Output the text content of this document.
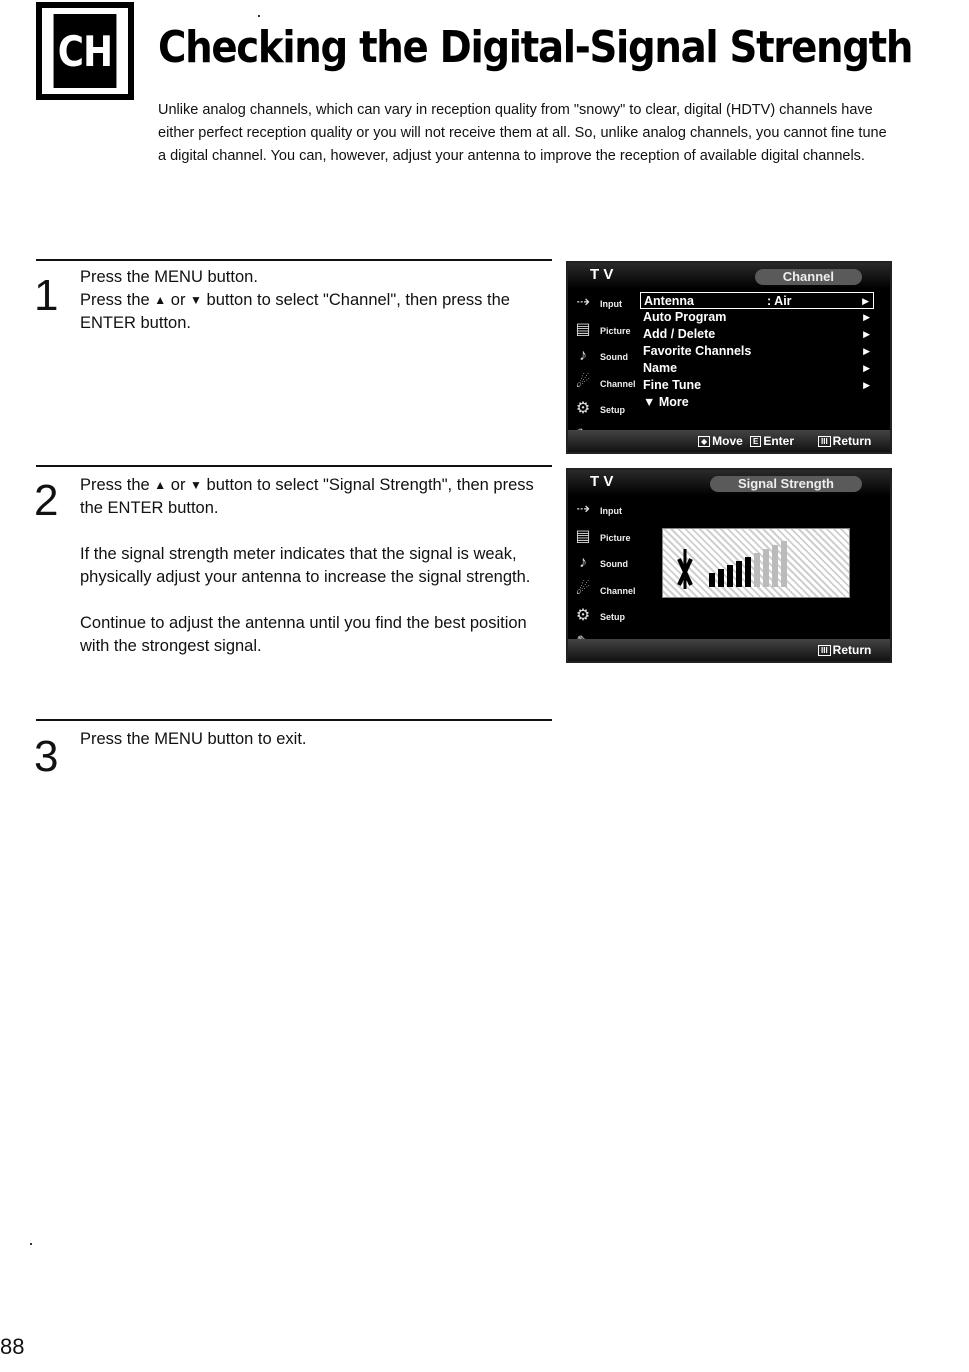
CH Checking the Digital-Signal Strength

Unlike analog channels, which can vary in reception quality from "snowy" to clear, digital (HDTV) channels have either perfect reception quality or you will not receive them at all. So, unlike analog channels, you cannot fine tune a digital channel. You can, however, adjust your antenna to improve the reception of available digital channels.

1 Press the MENU button.
Press the ▲ or ▼ button to select "Channel", then press the ENTER button.
T V	Channel
⇢	Input
▤ Picture
♪	Sound
☄	Channel
⚙	Setup
Antenna	: Air	▶
Auto Program	▶
Add / Delete	▶
Favorite Channels	▶
Name	▶
Fine Tune	▶
▼ More
◆ Move	E Enter	III Return
2 Press the ▲ or ▼ button to select "Signal Strength", then press the ENTER button.

If the signal strength meter indicates that the signal is weak, physically adjust your antenna to increase the signal strength.

Continue to adjust the antenna until you find the best position with the strongest signal.

T V	Signal Strength
⇢	Input
▤ Picture
♪	Sound
☄	Channel
⚙	Setup
III Return
3 Press the MENU button to exit.
88
